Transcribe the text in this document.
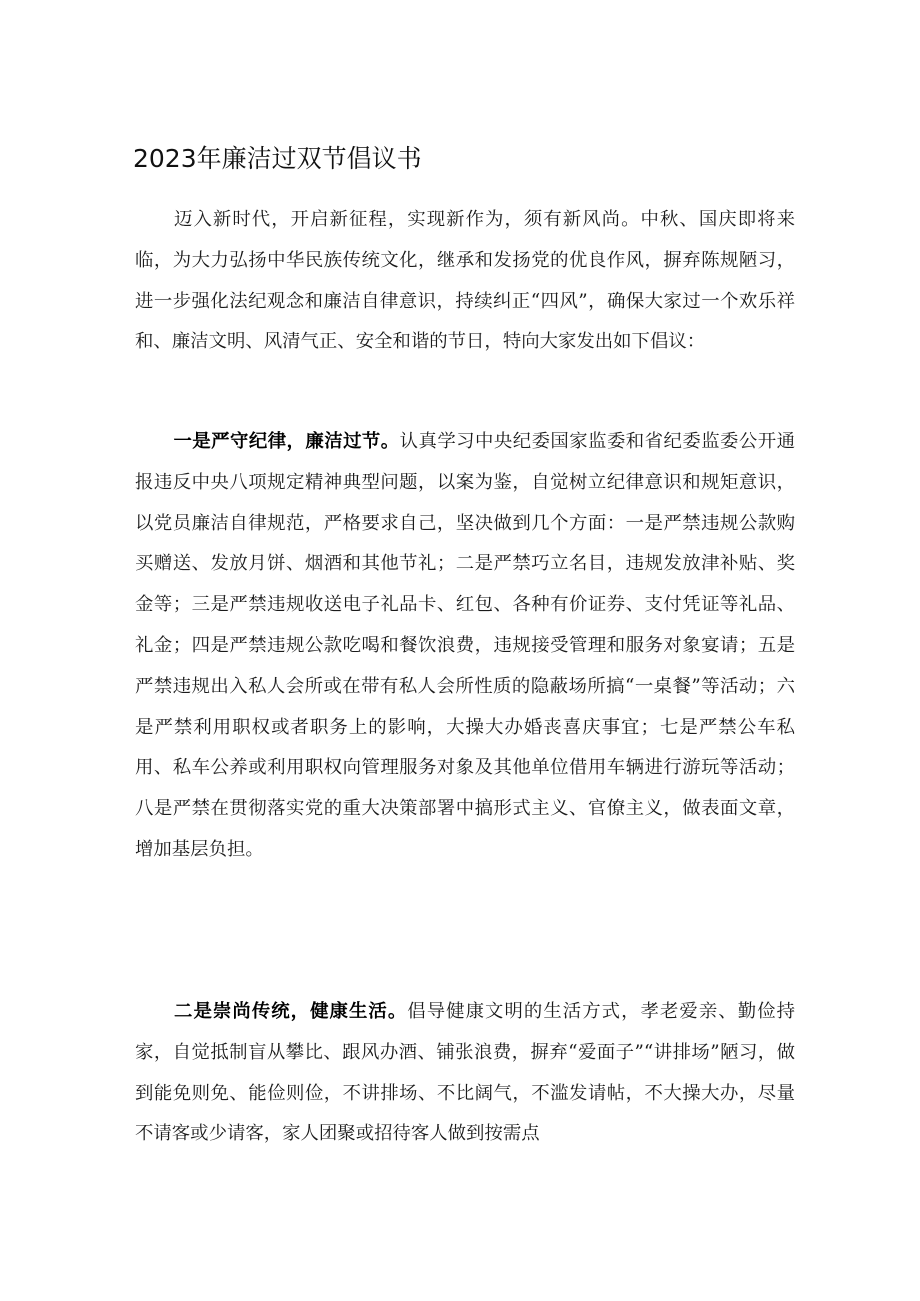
2023年廉洁过双节倡议书

迈入新时代，开启新征程，实现新作为，须有新风尚。中秋、国庆即将来临，为大力弘扬中华民族传统文化，继承和发扬党的优良作风，摒弃陈规陋习，进一步强化法纪观念和廉洁自律意识，持续纠正“四风”，确保大家过一个欢乐祥和、廉洁文明、风清气正、安全和谐的节日，特向大家发出如下倡议：

一是严守纪律，廉洁过节。认真学习中央纪委国家监委和省纪委监委公开通报违反中央八项规定精神典型问题，以案为鉴，自觉树立纪律意识和规矩意识，以党员廉洁自律规范，严格要求自己，坚决做到几个方面：一是严禁违规公款购买赠送、发放月饼、烟酒和其他节礼；二是严禁巧立名目，违规发放津补贴、奖金等；三是严禁违规收送电子礼品卡、红包、各种有价证券、支付凭证等礼品、礼金；四是严禁违规公款吃喝和餐饮浪费，违规接受管理和服务对象宴请；五是严禁违规出入私人会所或在带有私人会所性质的隐蔽场所搞“一桌餐”等活动；六是严禁利用职权或者职务上的影响，大操大办婚丧喜庆事宜；七是严禁公车私用、私车公养或利用职权向管理服务对象及其他单位借用车辆进行游玩等活动；八是严禁在贯彻落实党的重大决策部署中搞形式主义、官僚主义，做表面文章，增加基层负担。

二是崇尚传统，健康生活。倡导健康文明的生活方式，孝老爱亲、勤俭持家，自觉抵制盲从攀比、跟风办酒、铺张浪费，摒弃“爱面子”“讲排场”陋习，做到能免则免、能俭则俭，不讲排场、不比阔气，不滥发请帖，不大操大办，尽量不请客或少请客，家人团聚或招待客人做到按需点
